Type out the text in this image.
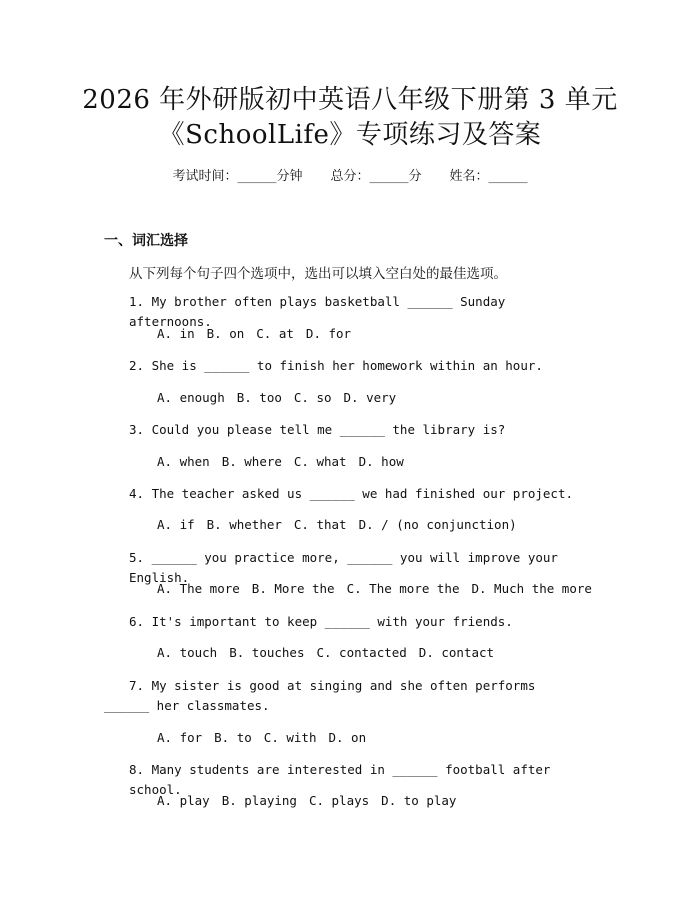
2026 年外研版初中英语八年级下册第 3 单元
《SchoolLife》专项练习及答案
考试时间：______分钟 总分：______分 姓名：______
一、词汇选择
从下列每个句子四个选项中，选出可以填入空白处的最佳选项。
1. My brother often plays basketball ______ Sunday afternoons.
A. in B. on C. at D. for
2. She is ______ to finish her homework within an hour.
A. enough B. too C. so D. very
3. Could you please tell me ______ the library is?
A. when B. where C. what D. how
4. The teacher asked us ______ we had finished our project.
A. if B. whether C. that D. / (no conjunction)
5. ______ you practice more, ______ you will improve your English.
A. The more B. More the C. The more the D. Much the more
6. It's important to keep ______ with your friends.
A. touch B. touches C. contacted D. contact
7. My sister is good at singing and she often performs ______ her classmates.
A. for B. to C. with D. on
8. Many students are interested in ______ football after school.
A. play B. playing C. plays D. to play
